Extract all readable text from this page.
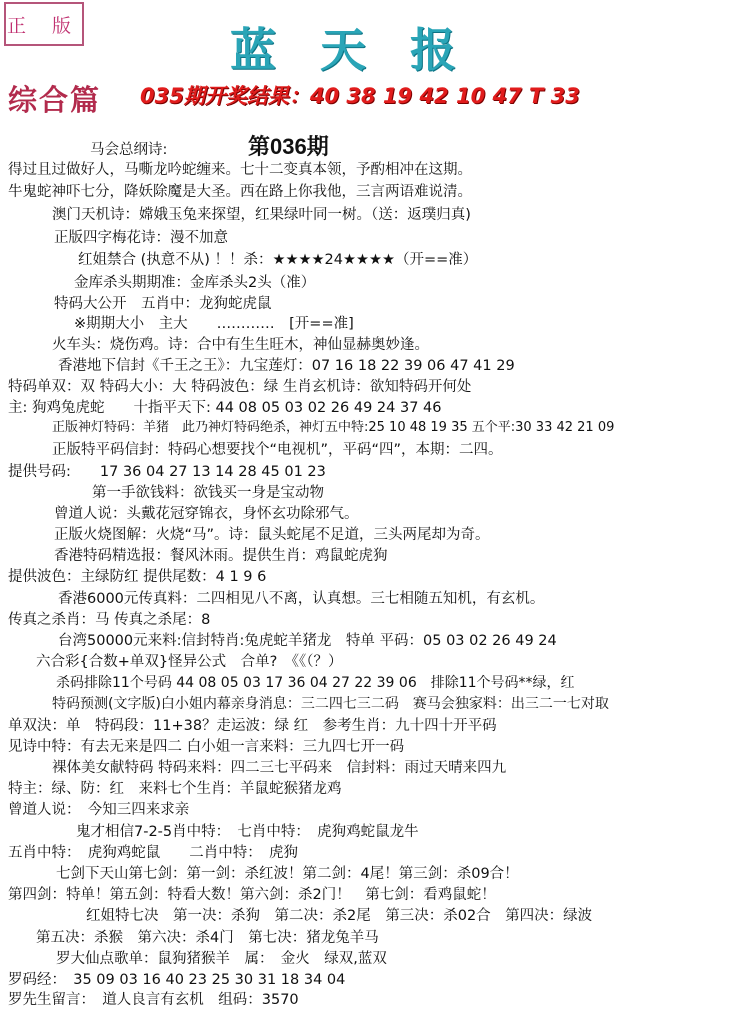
正 版	蓝天报
综合篇 035期开奖结果：40 38 19 42 10 47 T 33
第036期
马会总纲诗:
得过且过做好人，马嘶龙吟蛇缠来。七十二变真本领，予酌相冲在这期。
牛鬼蛇神吓七分，降妖除魔是大圣。西在路上你我他，三言两语难说清。
澳门天机诗：嫦娥玉兔来探望，红果绿叶同一树。（送：返璞归真)
正版四字梅花诗：漫不加意
红姐禁合 (执意不从) ！！杀：★★★★24★★★★（开==准）
金库杀头期期准：金库杀头2头（准）
特码大公开　五肖中：龙狗蛇虎鼠
※期期大小　主大　　…………　[开==准]
火车头：烧伤鸡。诗：合中有生生旺木，神仙显赫奥妙逢。
香港地下信封《千王之王》：九宝莲灯：07 16 18 22 39 06 47 41 29
特码单双：双 特码大小：大 特码波色：绿 生肖玄机诗：欲知特码开何处
主: 狗鸡兔虎蛇　　十指平天下: 44 08 05 03 02 26 49 24 37 46
正版神灯特码：羊猪　此乃神灯特码绝杀，神灯五中特:25 10 48 19 35 五个平:30 33 42 21 09
正版特平码信封：特码心想要找个“电视机”，平码“四”，本期：二四。
提供号码:　　17 36 04 27 13 14 28 45 01 23
第一手欲钱料：欲钱买一身是宝动物
曾道人说：头戴花冠穿锦衣，身怀玄功除邪气。
正版火烧图解：火烧“马”。诗：鼠头蛇尾不足道，三头两尾却为奇。
香港特码精选报：餐风沐雨。提供生肖：鸡鼠蛇虎狗
提供波色：主绿防红 提供尾数：4 1 9 6
香港6000元传真料：二四相见八不离，认真想。三七相随五知机，有玄机。
传真之杀肖：马 传真之杀尾：8
台湾50000元来料:信封特肖:兔虎蛇羊猪龙　特单 平码：05 03 02 26 49 24
六合彩{合数+单双}怪异公式　合单?　《《（？）
杀码排除11个号码 44 08 05 03 17 36 04 27 22 39 06　排除11个号码**绿，红
特码预测(文字版)白小姐内幕亲身消息：三二四七三二码　赛马会独家料：出三二一七对取
单双決：单　特码段：11+38？走运波：绿 红　参考生肖：九十四十开平码
见诗中特：有去无来是四二 白小姐一言来料：三九四七开一码
裸体美女献特码 特码来料：四二三七平码来　信封料：雨过天晴来四九
特主：绿、防：红　来料七个生肖：羊鼠蛇猴猪龙鸡
曾道人说：　今知三四来求亲
鬼才相信7-2-5肖中特：　七肖中特：　虎狗鸡蛇鼠龙牛
五肖中特：　虎狗鸡蛇鼠　　二肖中特：　虎狗
七剑下天山第七剑：第一剑：杀红波！第二剑：4尾！第三剑：杀09合！
第四剑：特单！第五剑：特看大数！第六剑：杀2门！　第七剑：看鸡鼠蛇！
红姐特七决　第一决：杀狗　第二决：杀2尾　第三决：杀02合　第四决：绿波
第五决：杀猴　第六决：杀4门　第七决：猪龙兔羊马
罗大仙点歌单：鼠狗猪猴羊　属：　金火　绿双,蓝双
罗码经：　35 09 03 16 40 23 25 30 31 18 34 04
罗先生留言：　道人良言有玄机　组码：3570
